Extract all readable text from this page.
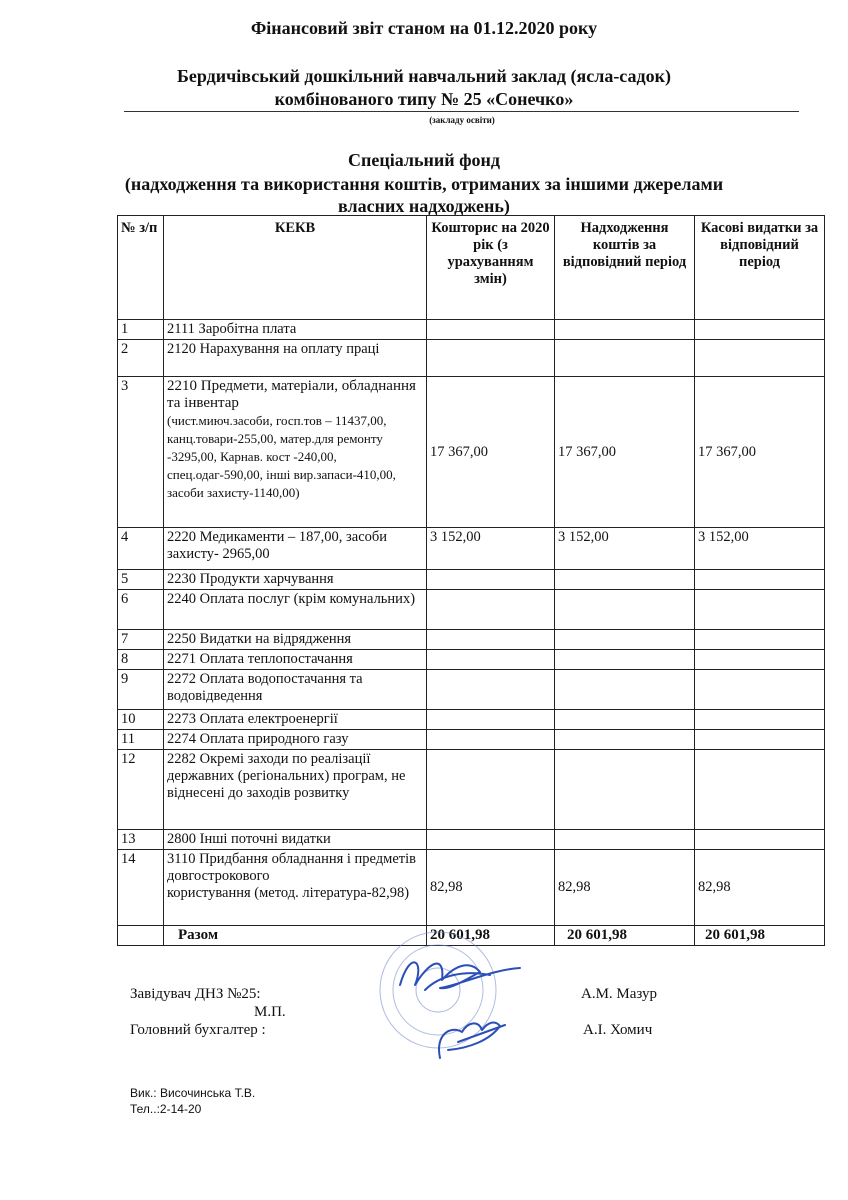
Фінансовий звіт станом на 01.12.2020 року
Бердичівський дошкільний навчальний заклад (ясла-садок)
комбінованого типу № 25 «Сонечко»
(закладу освіти)
Спеціальний фонд
(надходження та використання коштів, отриманих за іншими джерелами
власних надходжень)
№ з/п	КЕКВ	Кошторис на 2020 рік (з урахуванням змін)	Надходження коштів за відповідний період	Касові видатки за відповідний період
1	2111 Заробітна плата			
2	2120 Нарахування на оплату праці			
3	2210 Предмети, матеріали, обладнання та інвентар
(чист.миюч.засоби, госп.тов – 11437,00, канц.товари-255,00, матер.для ремонту -3295,00, Карнав. кост -240,00, спец.одаг-590,00, інші вир.запаси-410,00, засоби захисту-1140,00)	17 367,00	17 367,00	17 367,00
4	2220 Медикаменти – 187,00, засоби захисту- 2965,00	3 152,00	3 152,00	3 152,00
5	2230 Продукти харчування			
6	2240 Оплата послуг (крім комунальних)			
7	2250 Видатки на відрядження			
8	2271 Оплата теплопостачання			
9	2272 Оплата водопостачання та водовідведення			
10	2273 Оплата електроенергії			
11	2274 Оплата природного газу			
12	2282 Окремі заходи по реалізації державних (регіональних) програм, не віднесені до заходів розвитку			
13	2800 Інші поточні видатки			
14	3110 Придбання обладнання і предметів довгострокового
користування (метод. література-82,98)	82,98	82,98	82,98
	Разом	20 601,98	20 601,98	20 601,98
Завідувач ДНЗ №25:	А.М. Мазур
М.П.
Головний бухгалтер :	А.І. Хомич
Вик.: Височинська Т.В.
Тел..:2-14-20
